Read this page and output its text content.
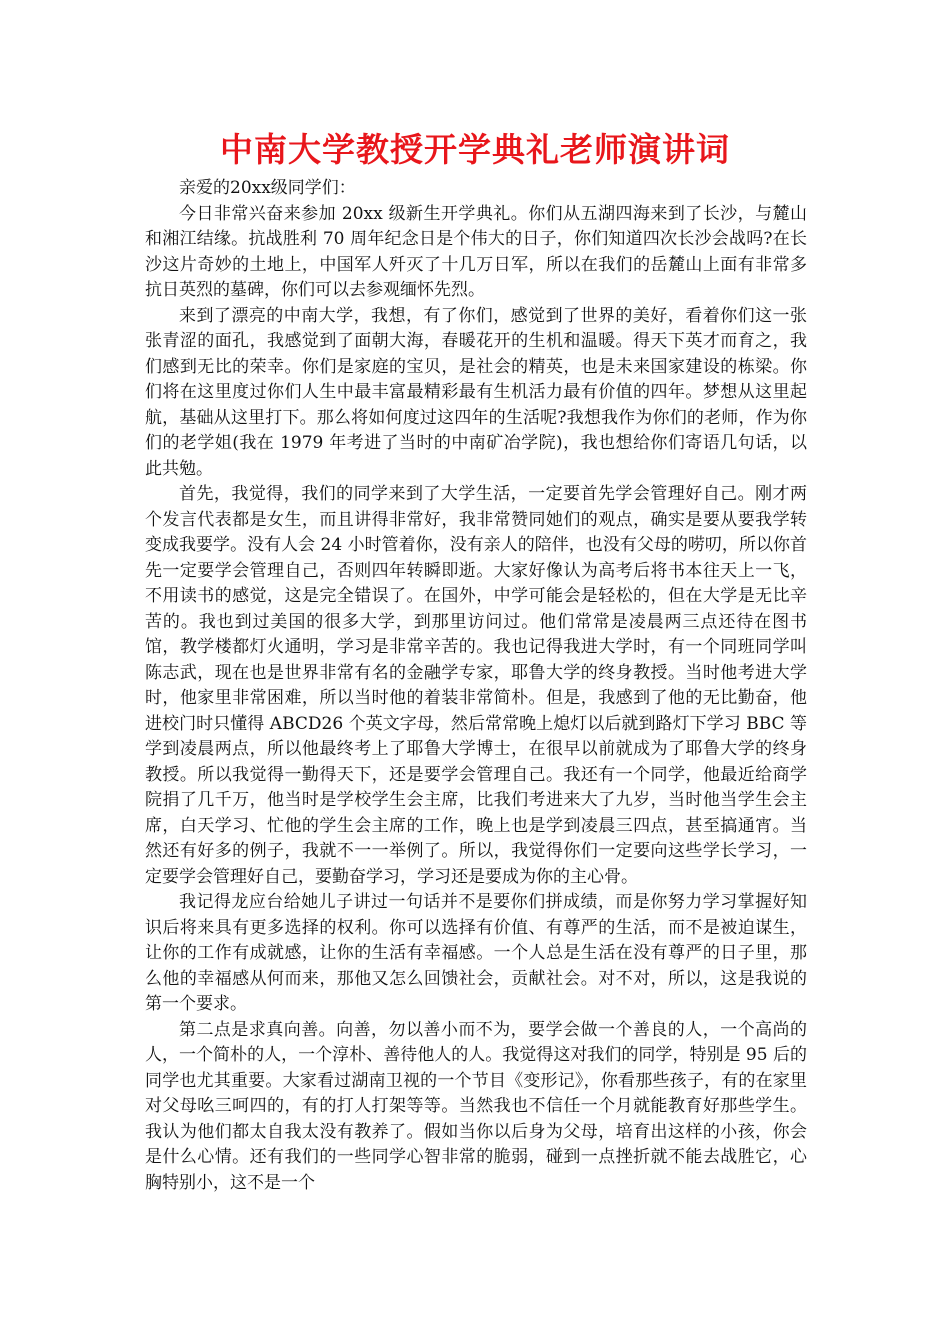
中南大学教授开学典礼老师演讲词

亲爱的20xx级同学们：

今日非常兴奋来参加 20xx 级新生开学典礼。你们从五湖四海来到了长沙，与麓山和湘江结缘。抗战胜利 70 周年纪念日是个伟大的日子，你们知道四次长沙会战吗?在长沙这片奇妙的土地上，中国军人歼灭了十几万日军，所以在我们的岳麓山上面有非常多抗日英烈的墓碑，你们可以去参观缅怀先烈。

来到了漂亮的中南大学，我想，有了你们，感觉到了世界的美好，看着你们这一张张青涩的面孔，我感觉到了面朝大海，春暖花开的生机和温暖。得天下英才而育之，我们感到无比的荣幸。你们是家庭的宝贝，是社会的精英，也是未来国家建设的栋梁。你们将在这里度过你们人生中最丰富最精彩最有生机活力最有价值的四年。梦想从这里起航，基础从这里打下。那么将如何度过这四年的生活呢?我想我作为你们的老师，作为你们的老学姐(我在 1979 年考进了当时的中南矿冶学院)，我也想给你们寄语几句话，以此共勉。

首先，我觉得，我们的同学来到了大学生活，一定要首先学会管理好自己。刚才两个发言代表都是女生，而且讲得非常好，我非常赞同她们的观点，确实是要从要我学转变成我要学。没有人会 24 小时管着你，没有亲人的陪伴，也没有父母的唠叨，所以你首先一定要学会管理自己，否则四年转瞬即逝。大家好像认为高考后将书本往天上一飞，不用读书的感觉，这是完全错误了。在国外，中学可能会是轻松的，但在大学是无比辛苦的。我也到过美国的很多大学，到那里访问过。他们常常是凌晨两三点还待在图书馆，教学楼都灯火通明，学习是非常辛苦的。我也记得我进大学时，有一个同班同学叫陈志武，现在也是世界非常有名的金融学专家，耶鲁大学的终身教授。当时他考进大学时，他家里非常困难，所以当时他的着装非常简朴。但是，我感到了他的无比勤奋，他进校门时只懂得 ABCD26 个英文字母，然后常常晚上熄灯以后就到路灯下学习 BBC 等学到凌晨两点，所以他最终考上了耶鲁大学博士，在很早以前就成为了耶鲁大学的终身教授。所以我觉得一勤得天下，还是要学会管理自己。我还有一个同学，他最近给商学院捐了几千万，他当时是学校学生会主席，比我们考进来大了九岁，当时他当学生会主席，白天学习、忙他的学生会主席的工作，晚上也是学到凌晨三四点，甚至搞通宵。当然还有好多的例子，我就不一一举例了。所以，我觉得你们一定要向这些学长学习，一定要学会管理好自己，要勤奋学习，学习还是要成为你的主心骨。

我记得龙应台给她儿子讲过一句话并不是要你们拼成绩，而是你努力学习掌握好知识后将来具有更多选择的权利。你可以选择有价值、有尊严的生活，而不是被迫谋生，让你的工作有成就感，让你的生活有幸福感。一个人总是生活在没有尊严的日子里，那么他的幸福感从何而来，那他又怎么回馈社会，贡献社会。对不对，所以，这是我说的第一个要求。

第二点是求真向善。向善，勿以善小而不为，要学会做一个善良的人，一个高尚的人，一个简朴的人，一个淳朴、善待他人的人。我觉得这对我们的同学，特别是 95 后的同学也尤其重要。大家看过湖南卫视的一个节目《变形记》，你看那些孩子，有的在家里对父母吆三呵四的，有的打人打架等等。当然我也不信任一个月就能教育好那些学生。我认为他们都太自我太没有教养了。假如当你以后身为父母，培育出这样的小孩，你会是什么心情。还有我们的一些同学心智非常的脆弱，碰到一点挫折就不能去战胜它，心胸特别小，这不是一个
